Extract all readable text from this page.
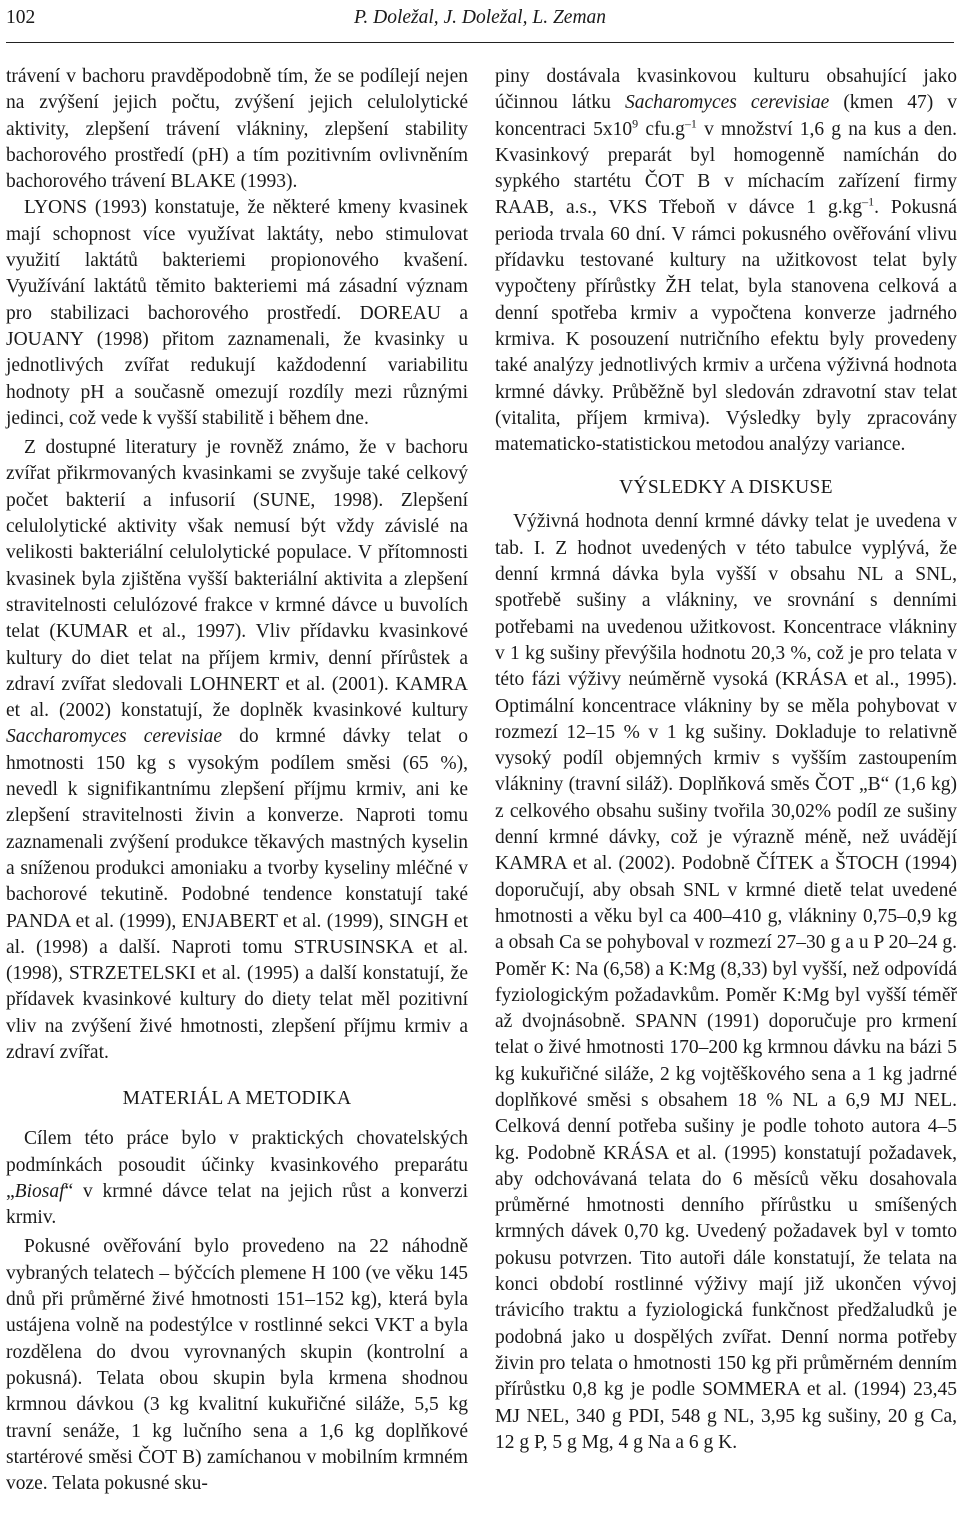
102	P. Doležal, J. Doležal, L. Zeman

trávení v bachoru pravděpodobně tím, že se podílejí nejen na zvýšení jejich počtu, zvýšení jejich celulolytické aktivity, zlepšení trávení vlákniny, zlepšení stability bachorového prostředí (pH) a tím pozitivním ovlivněním bachorového trávení BLAKE (1993).

LYONS (1993) konstatuje, že některé kmeny kvasinek mají schopnost více využívat laktáty, nebo stimulovat využití laktátů bakteriemi propionového kvašení. Využívání laktátů těmito bakteriemi má zásadní význam pro stabilizaci bachorového prostředí. DOREAU a JOUANY (1998) přitom zaznamenali, že kvasinky u jednotlivých zvířat redukují každodenní variabilitu hodnoty pH a současně omezují rozdíly mezi různými jedinci, což vede k vyšší stabilitě i během dne.

Z dostupné literatury je rovněž známo, že v bachoru zvířat přikrmovaných kvasinkami se zvyšuje také celkový počet bakterií a infusorií (SUNE, 1998). Zlepšení celulolytické aktivity však nemusí být vždy závislé na velikosti bakteriální celulolytické populace. V přítomnosti kvasinek byla zjištěna vyšší bakteriální aktivita a zlepšení stravitelnosti celulózové frakce v krmné dávce u buvolích telat (KUMAR et al., 1997). Vliv přídavku kvasinkové kultury do diet telat na příjem krmiv, denní přírůstek a zdraví zvířat sledovali LOHNERT et al. (2001). KAMRA et al. (2002) konstatují, že doplněk kvasinkové kultury Saccharomyces cerevisiae do krmné dávky telat o hmotnosti 150 kg s vysokým podílem směsi (65 %), nevedl k signifikantnímu zlepšení příjmu krmiv, ani ke zlepšení stravitelnosti živin a konverze. Naproti tomu zaznamenali zvýšení produkce těkavých mastných kyselin a sníženou produkci amoniaku a tvorby kyseliny mléčné v bachorové tekutině. Podobné tendence konstatují také PANDA et al. (1999), ENJABERT et al. (1999), SINGH et al. (1998) a další. Naproti tomu STRUSINSKA et al. (1998), STRZETELSKI et al. (1995) a další konstatují, že přídavek kvasinkové kultury do diety telat měl pozitivní vliv na zvýšení živé hmotnosti, zlepšení příjmu krmiv a zdraví zvířat.

MATERIÁL A METODIKA

Cílem této práce bylo v praktických chovatelských podmínkách posoudit účinky kvasinkového preparátu „Biosaf“ v krmné dávce telat na jejich růst a konverzi krmiv.

Pokusné ověřování bylo provedeno na 22 náhodně vybraných telatech – býčcích plemene H 100 (ve věku 145 dnů při průměrné živé hmotnosti 151–152 kg), která byla ustájena volně na podestýlce v rostlinné sekci VKT a byla rozdělena do dvou vyrovnaných skupin (kontrolní a pokusná). Telata obou skupin byla krmena shodnou krmnou dávkou (3 kg kvalitní kukuřičné siláže, 5,5 kg travní senáže, 1 kg lučního sena a 1,6 kg doplňkové startérové směsi ČOT B) zamíchanou v mobilním krmném voze. Telata pokusné sku-

piny dostávala kvasinkovou kulturu obsahující jako účinnou látku Sacharomyces cerevisiae (kmen 47) v koncentraci $5x10^9$ $cfu.g^{-1}$ v množství 1,6 g na kus a den. Kvasinkový preparát byl homogenně namíchán do sypkého startétu ČOT B v míchacím zařízení firmy RAAB, a.s., VKS Třeboň v dávce 1 $g.kg^{-1}$. Pokusná perioda trvala 60 dní. V rámci pokusného ověřování vlivu přídavku testované kultury na užitkovost telat byly vypočteny přírůstky ŽH telat, byla stanovena celková a denní spotřeba krmiv a vypočtena konverze jadrného krmiva. K posouzení nutričního efektu byly provedeny také analýzy jednotlivých krmiv a určena výživná hodnota krmné dávky. Průběžně byl sledován zdravotní stav telat (vitalita, příjem krmiva). Výsledky byly zpracovány matematicko-statistickou metodou analýzy variance.

VÝSLEDKY A DISKUSE

Výživná hodnota denní krmné dávky telat je uvedena v tab. I. Z hodnot uvedených v této tabulce vyplývá, že denní krmná dávka byla vyšší v obsahu NL a SNL, spotřebě sušiny a vlákniny, ve srovnání s denními potřebami na uvedenou užitkovost. Koncentrace vlákniny v 1 kg sušiny převýšila hodnotu 20,3 %, což je pro telata v této fázi výživy neúměrně vysoká (KRÁSA et al., 1995). Optimální koncentrace vlákniny by se měla pohybovat v rozmezí 12–15 % v 1 kg sušiny. Dokladuje to relativně vysoký podíl objemných krmiv s vyšším zastoupením vlákniny (travní siláž). Doplňková směs ČOT „B“ (1,6 kg) z celkového obsahu sušiny tvořila 30,02% podíl ze sušiny denní krmné dávky, což je výrazně méně, než uvádějí KAMRA et al. (2002). Podobně ČÍTEK a ŠTOCH (1994) doporučují, aby obsah SNL v krmné dietě telat uvedené hmotnosti a věku byl ca 400–410 g, vlákniny 0,75–0,9 kg a obsah Ca se pohyboval v rozmezí 27–30 g a u P 20–24 g. Poměr K: Na (6,58) a K:Mg (8,33) byl vyšší, než odpovídá fyziologickým požadavkům. Poměr K:Mg byl vyšší téměř až dvojnásobně. SPANN (1991) doporučuje pro krmení telat o živé hmotnosti 170–200 kg krmnou dávku na bázi 5 kg kukuřičné siláže, 2 kg vojtěškového sena a 1 kg jadrné doplňkové směsi s obsahem 18 % NL a 6,9 MJ NEL. Celková denní potřeba sušiny je podle tohoto autora 4–5 kg. Podobně KRÁSA et al. (1995) konstatují požadavek, aby odchovávaná telata do 6 měsíců věku dosahovala průměrné hmotnosti denního přírůstku u smíšených krmných dávek 0,70 kg. Uvedený požadavek byl v tomto pokusu potvrzen. Tito autoři dále konstatují, že telata na konci období rostlinné výživy mají již ukončen vývoj trávicího traktu a fyziologická funkčnost předžaludků je podobná jako u dospělých zvířat. Denní norma potřeby živin pro telata o hmotnosti 150 kg při průměrném denním přírůstku 0,8 kg je podle SOMMERA et al. (1994) 23,45 MJ NEL, 340 g PDI, 548 g NL, 3,95 kg sušiny, 20 g Ca, 12 g P, 5 g Mg, 4 g Na a 6 g K.
